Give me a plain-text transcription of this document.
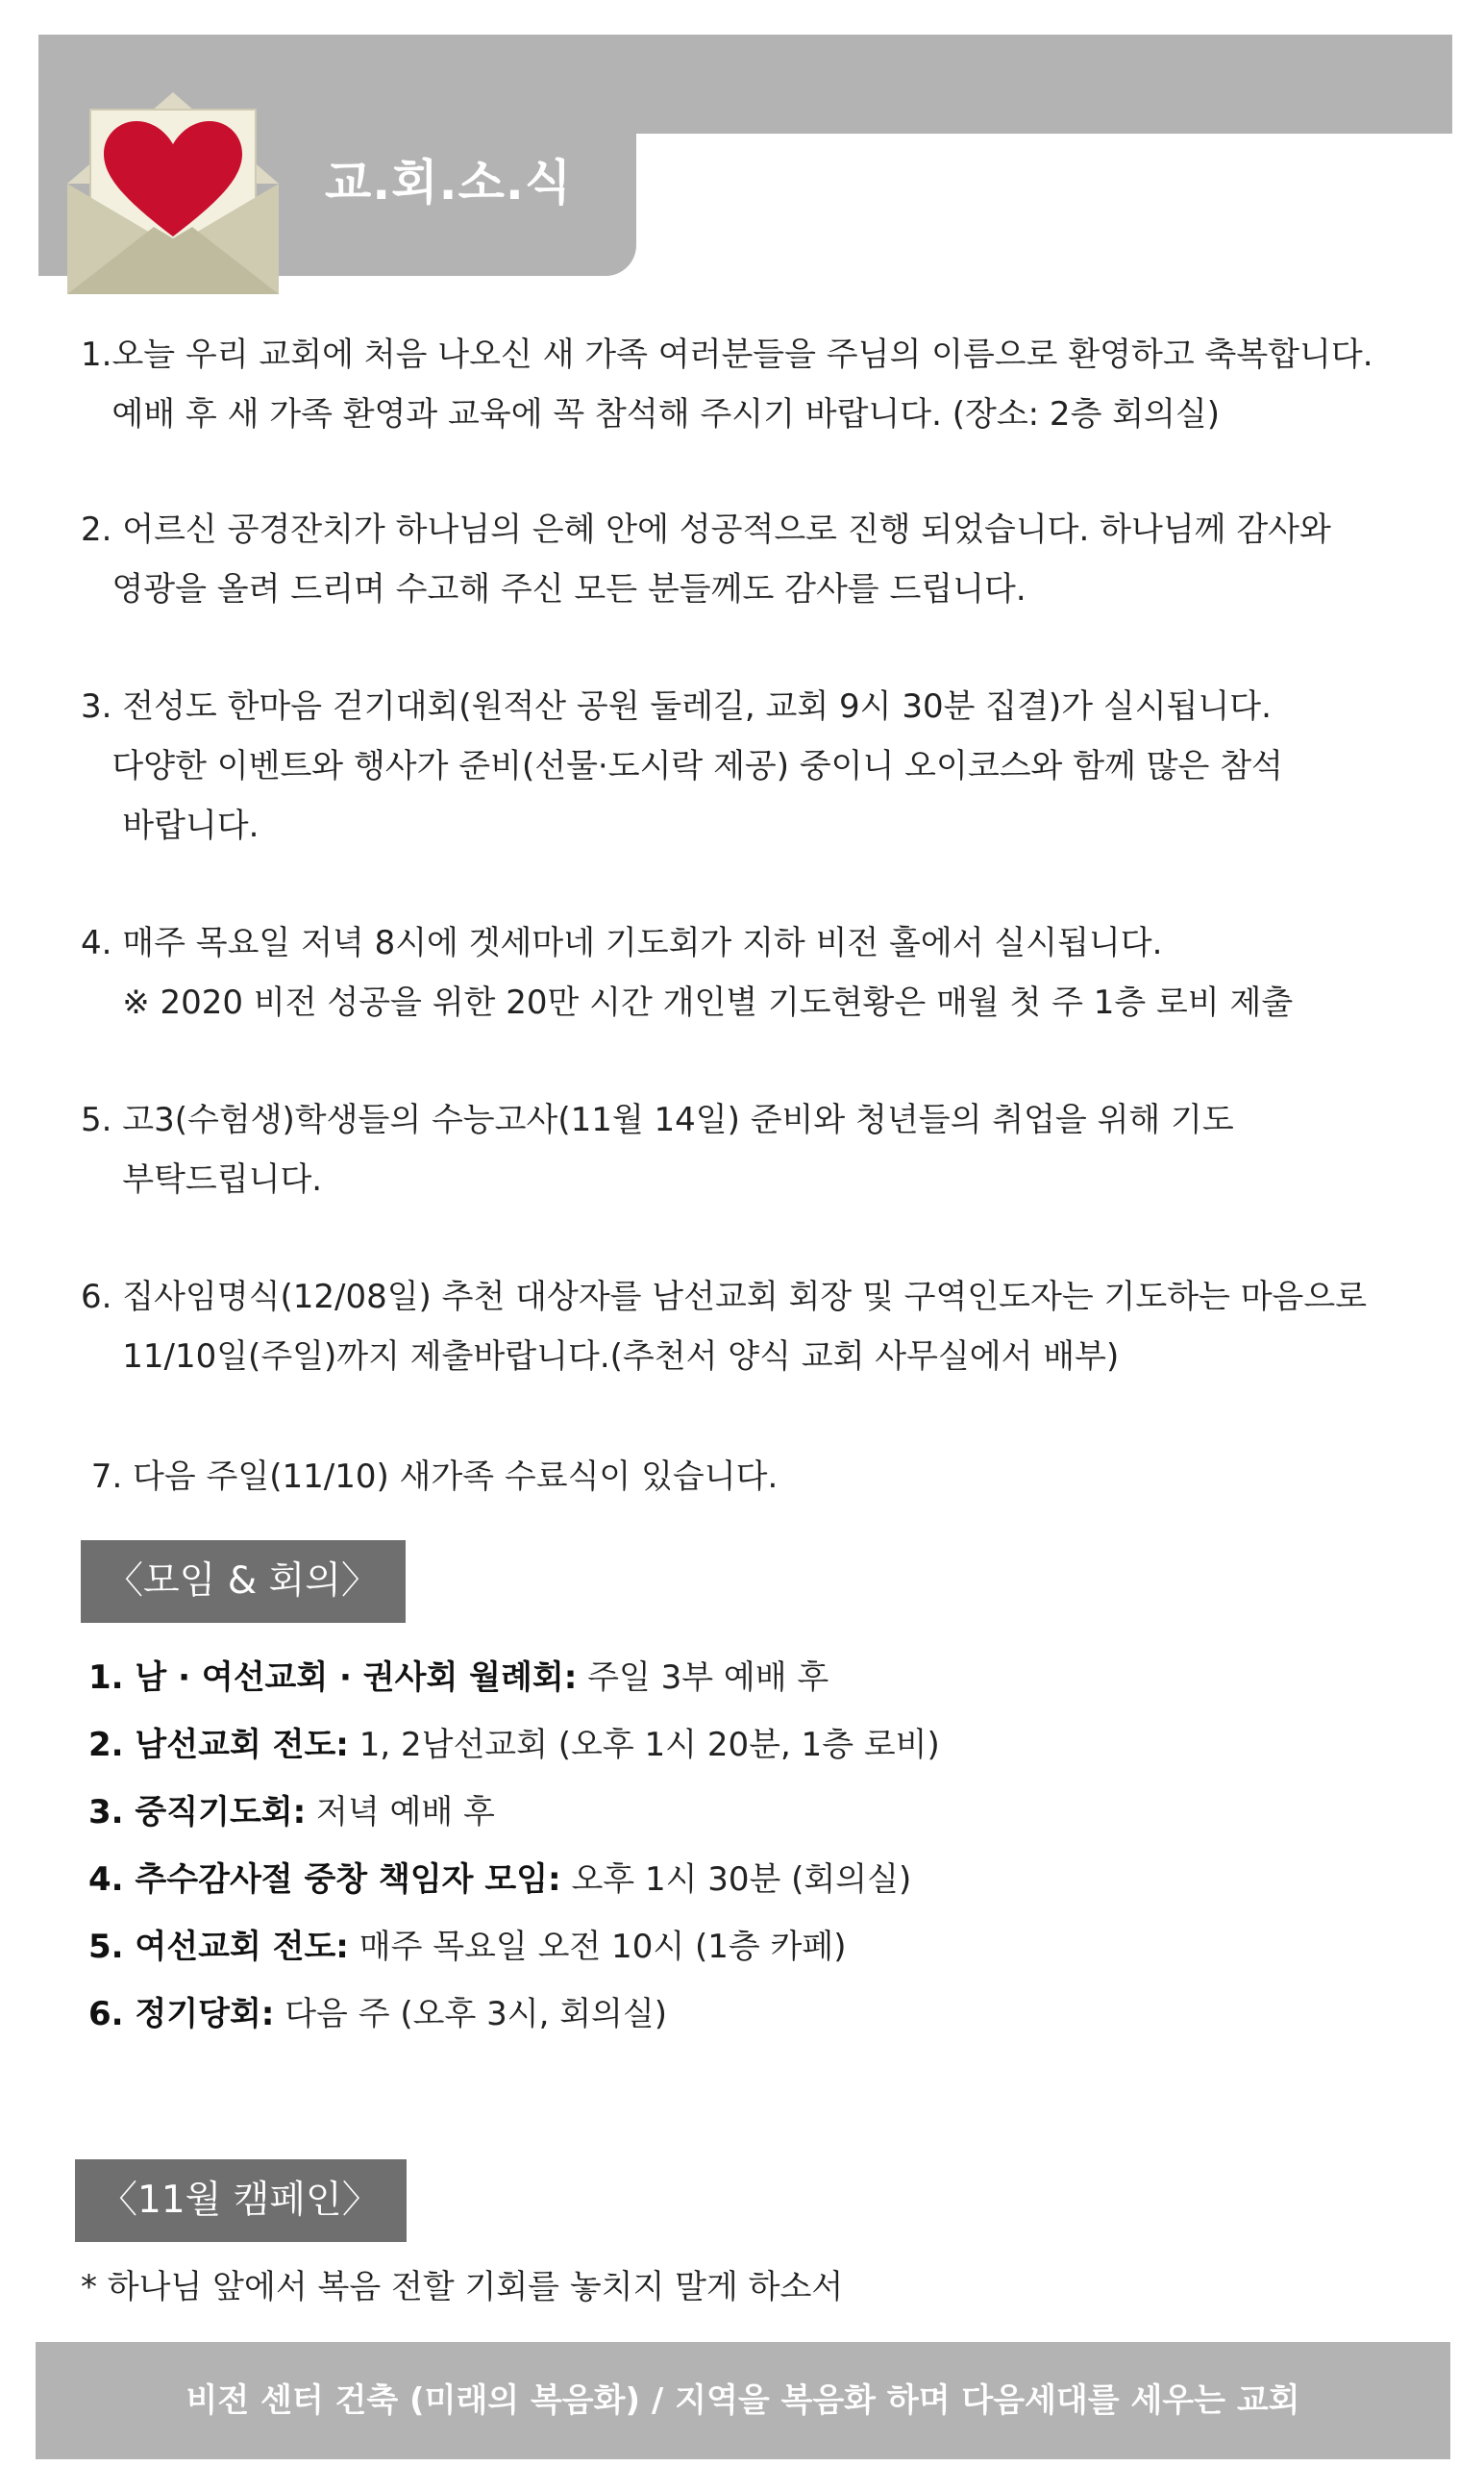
교.회.소.식
1.오늘 우리 교회에 처음 나오신 새 가족 여러분들을 주님의 이름으로 환영하고 축복합니다.
예배 후 새 가족 환영과 교육에 꼭 참석해 주시기 바랍니다. (장소: 2층 회의실)
2. 어르신 공경잔치가 하나님의 은혜 안에 성공적으로 진행 되었습니다. 하나님께 감사와
영광을 올려 드리며 수고해 주신 모든 분들께도 감사를 드립니다.
3. 전성도 한마음 걷기대회(원적산 공원 둘레길, 교회 9시 30분 집결)가 실시됩니다.
다양한 이벤트와 행사가 준비(선물·도시락 제공) 중이니 오이코스와 함께 많은 참석
바랍니다.
4. 매주 목요일 저녁 8시에 겟세마네 기도회가 지하 비전 홀에서 실시됩니다.
※ 2020 비전 성공을 위한 20만 시간 개인별 기도현황은 매월 첫 주 1층 로비 제출
5. 고3(수험생)학생들의 수능고사(11월 14일) 준비와 청년들의 취업을 위해 기도
부탁드립니다.
6. 집사임명식(12/08일) 추천 대상자를 남선교회 회장 및 구역인도자는 기도하는 마음으로
11/10일(주일)까지 제출바랍니다.(추천서 양식 교회 사무실에서 배부)
7. 다음 주일(11/10) 새가족 수료식이 있습니다.
〈모임 & 회의〉
1. 남 · 여선교회 · 권사회 월례회: 주일 3부 예배 후
2. 남선교회 전도: 1, 2남선교회 (오후 1시 20분, 1층 로비)
3. 중직기도회: 저녁 예배 후
4. 추수감사절 중창 책임자 모임: 오후 1시 30분 (회의실)
5. 여선교회 전도: 매주 목요일 오전 10시 (1층 카페)
6. 정기당회: 다음 주 (오후 3시, 회의실)
〈11월 캠페인〉
* 하나님 앞에서 복음 전할 기회를 놓치지 말게 하소서
비전 센터 건축 (미래의 복음화) / 지역을 복음화 하며 다음세대를 세우는 교회
